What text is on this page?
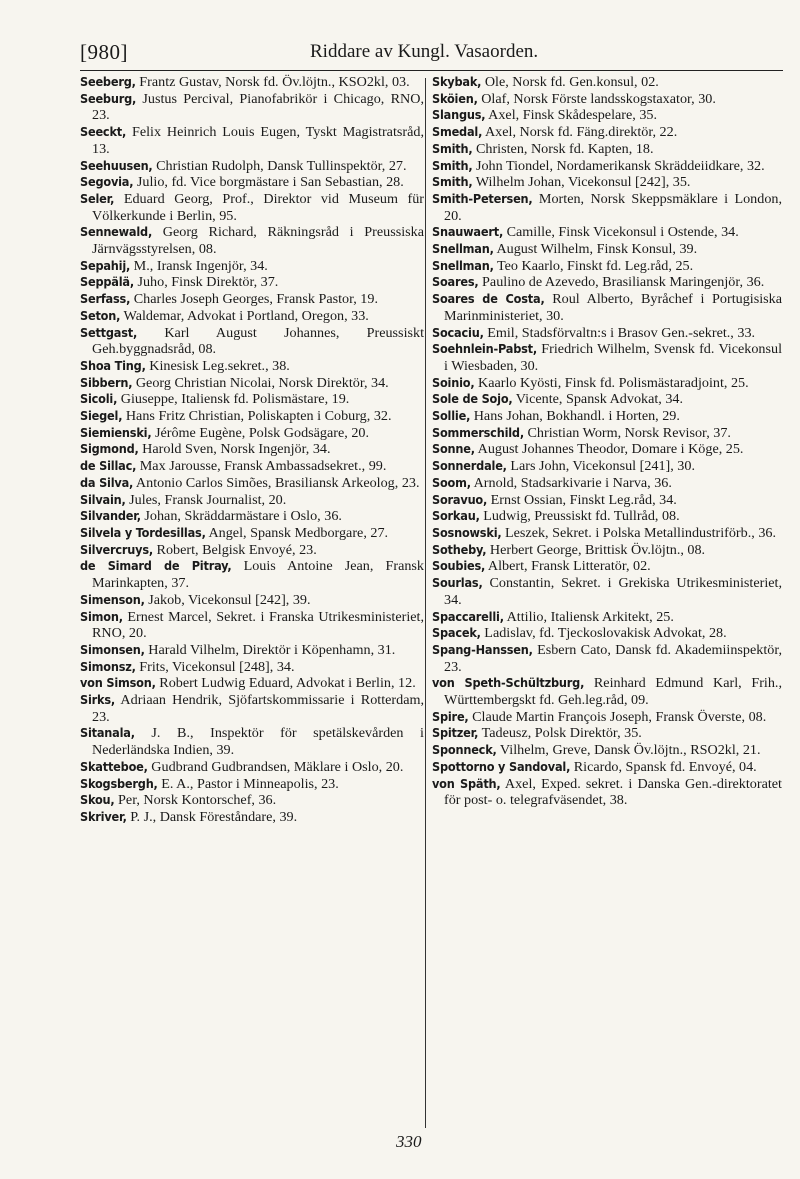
[980]	Riddare av Kungl. Vasaorden.
Seeberg, Frantz Gustav, Norsk fd. Öv.löjtn., KSO2kl, 03.
Seeburg, Justus Percival, Pianofabrikör i Chicago, RNO, 23.
Seeckt, Felix Heinrich Louis Eugen, Tyskt Magistratsråd, 13.
Seehuusen, Christian Rudolph, Dansk Tullinspektör, 27.
Segovia, Julio, fd. Vice borgmästare i San Sebastian, 28.
Seler, Eduard Georg, Prof., Direktor vid Museum für Völkerkunde i Berlin, 95.
Sennewald, Georg Richard, Räkningsråd i Preussiska Järnvägsstyrelsen, 08.
Sepahij, M., Iransk Ingenjör, 34.
Seppälä, Juho, Finsk Direktör, 37.
Serfass, Charles Joseph Georges, Fransk Pastor, 19.
Seton, Waldemar, Advokat i Portland, Oregon, 33.
Settgast, Karl August Johannes, Preussiskt Geh.byggnadsråd, 08.
Shoa Ting, Kinesisk Leg.sekret., 38.
Sibbern, Georg Christian Nicolai, Norsk Direktör, 34.
Sicoli, Giuseppe, Italiensk fd. Polismästare, 19.
Siegel, Hans Fritz Christian, Poliskapten i Coburg, 32.
Siemienski, Jérôme Eugène, Polsk Godsägare, 20.
Sigmond, Harold Sven, Norsk Ingenjör, 34.
de Sillac, Max Jarousse, Fransk Ambassadsekret., 99.
da Silva, Antonio Carlos Simões, Brasiliansk Arkeolog, 23.
Silvain, Jules, Fransk Journalist, 20.
Silvander, Johan, Skräddarmästare i Oslo, 36.
Silvela y Tordesillas, Angel, Spansk Medborgare, 27.
Silvercruys, Robert, Belgisk Envoyé, 23.
de Simard de Pitray, Louis Antoine Jean, Fransk Marinkapten, 37.
Simenson, Jakob, Vicekonsul [242], 39.
Simon, Ernest Marcel, Sekret. i Franska Utrikesministeriet, RNO, 20.
Simonsen, Harald Vilhelm, Direktör i Köpenhamn, 31.
Simonsz, Frits, Vicekonsul [248], 34.
von Simson, Robert Ludwig Eduard, Advokat i Berlin, 12.
Sirks, Adriaan Hendrik, Sjöfartskommissarie i Rotterdam, 23.
Sitanala, J. B., Inspektör för spetälskevården i Nederländska Indien, 39.
Skatteboe, Gudbrand Gudbrandsen, Mäklare i Oslo, 20.
Skogsbergh, E. A., Pastor i Minneapolis, 23.
Skou, Per, Norsk Kontorschef, 36.
Skriver, P. J., Dansk Föreståndare, 39.
Skybak, Ole, Norsk fd. Gen.konsul, 02.
Sköien, Olaf, Norsk Förste landsskogstaxator, 30.
Slangus, Axel, Finsk Skådespelare, 35.
Smedal, Axel, Norsk fd. Fäng.direktör, 22.
Smith, Christen, Norsk fd. Kapten, 18.
Smith, John Tiondel, Nordamerikansk Skräddeiidkare, 32.
Smith, Wilhelm Johan, Vicekonsul [242], 35.
Smith-Petersen, Morten, Norsk Skeppsmäklare i London, 20.
Snauwaert, Camille, Finsk Vicekonsul i Ostende, 34.
Snellman, August Wilhelm, Finsk Konsul, 39.
Snellman, Teo Kaarlo, Finskt fd. Leg.råd, 25.
Soares, Paulino de Azevedo, Brasiliansk Maringenjör, 36.
Soares de Costa, Roul Alberto, Byråchef i Portugisiska Marinministeriet, 30.
Socaciu, Emil, Stadsförvaltn:s i Brasov Gen.-sekret., 33.
Soehnlein-Pabst, Friedrich Wilhelm, Svensk fd. Vicekonsul i Wiesbaden, 30.
Soinio, Kaarlo Kyösti, Finsk fd. Polismästaradjoint, 25.
Sole de Sojo, Vicente, Spansk Advokat, 34.
Sollie, Hans Johan, Bokhandl. i Horten, 29.
Sommerschild, Christian Worm, Norsk Revisor, 37.
Sonne, August Johannes Theodor, Domare i Köge, 25.
Sonnerdale, Lars John, Vicekonsul [241], 30.
Soom, Arnold, Stadsarkivarie i Narva, 36.
Soravuo, Ernst Ossian, Finskt Leg.råd, 34.
Sorkau, Ludwig, Preussiskt fd. Tullråd, 08.
Sosnowski, Leszek, Sekret. i Polska Metallindustriförb., 36.
Sotheby, Herbert George, Brittisk Öv.löjtn., 08.
Soubies, Albert, Fransk Litteratör, 02.
Sourlas, Constantin, Sekret. i Grekiska Utrikesministeriet, 34.
Spaccarelli, Attilio, Italiensk Arkitekt, 25.
Spacek, Ladislav, fd. Tjeckoslovakisk Advokat, 28.
Spang-Hanssen, Esbern Cato, Dansk fd. Akademiinspektör, 23.
von Speth-Schültzburg, Reinhard Edmund Karl, Frih., Württembergskt fd. Geh.leg.råd, 09.
Spire, Claude Martin François Joseph, Fransk Överste, 08.
Spitzer, Tadeusz, Polsk Direktör, 35.
Sponneck, Vilhelm, Greve, Dansk Öv.löjtn., RSO2kl, 21.
Spottorno y Sandoval, Ricardo, Spansk fd. Envoyé, 04.
von Späth, Axel, Exped. sekret. i Danska Gen.-direktoratet för post- o. telegrafväsendet, 38.
330
